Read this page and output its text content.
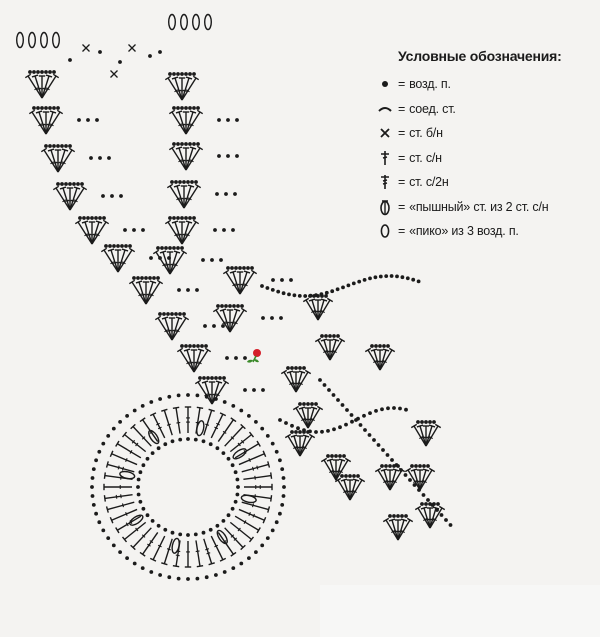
Условные обозначения:
= возд. п.
= соед. ст.
= ст. б/н
= ст. с/н
= ст. с/2н
= «пышный» ст. из 2 ст. с/н
= «пико» из 3 возд. п.
